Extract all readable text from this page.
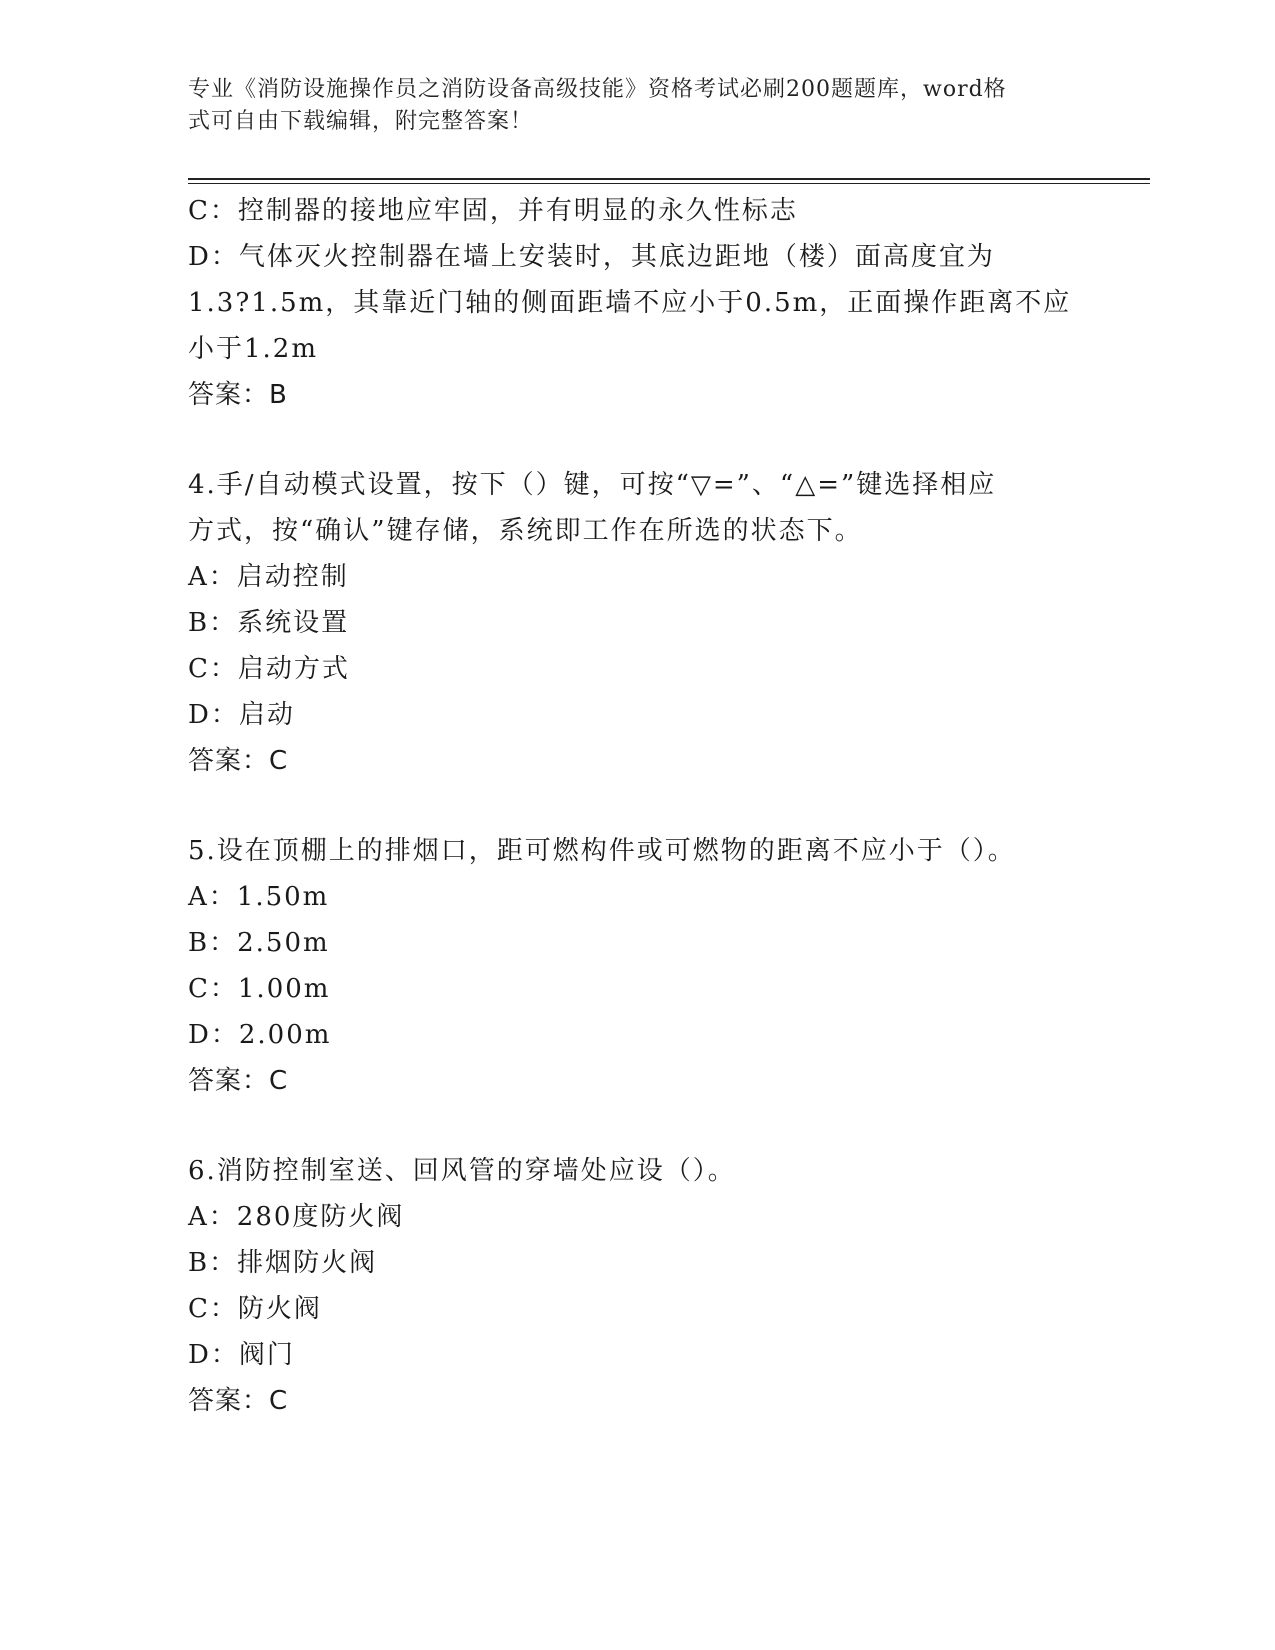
专业《消防设施操作员之消防设备高级技能》资格考试必刷200题题库，word格
式可自由下载编辑，附完整答案！
C：控制器的接地应牢固，并有明显的永久性标志
D：气体灭火控制器在墙上安装时，其底边距地（楼）面高度宜为
1.3?1.5m，其靠近门轴的侧面距墙不应小于0.5m，正面操作距离不应
小于1.2m
答案：B
4.手/自动模式设置，按下（）键，可按“▽=”、“△=”键选择相应
方式，按“确认”键存储，系统即工作在所选的状态下。
A：启动控制
B：系统设置
C：启动方式
D：启动
答案：C
5.设在顶棚上的排烟口，距可燃构件或可燃物的距离不应小于（）。
A：1.50m
B：2.50m
C：1.00m
D：2.00m
答案：C
6.消防控制室送、回风管的穿墙处应设（）。
A：280度防火阀
B：排烟防火阀
C：防火阀
D：阀门
答案：C
